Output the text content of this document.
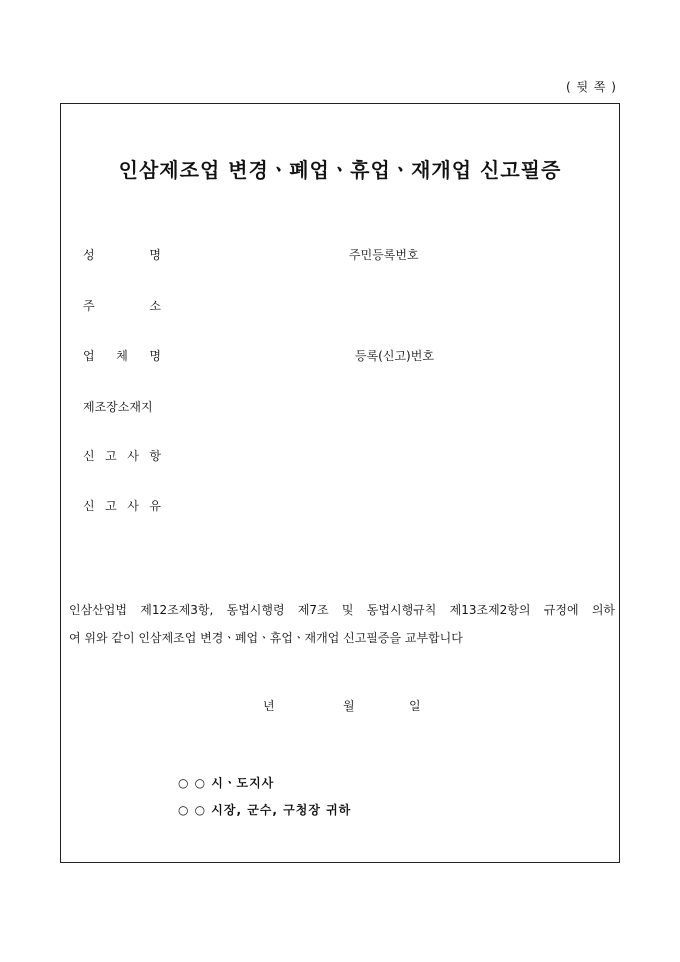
( 뒷 쪽 )
인삼제조업 변경ㆍ폐업ㆍ휴업ㆍ재개업 신고필증
성	명	주민등록번호
주	소
업 체 명	등록(신고)번호
제조장소재지
신 고 사 항
신 고 사 유
인삼산업법 제12조제3항, 동법시행령 제7조 및 동법시행규칙 제13조제2항의 규정에 의하
여 위와 같이 인삼제조업 변경ㆍ폐업ㆍ휴업ㆍ재개업 신고필증을 교부합니다
년	월	일
○ ○ 시ㆍ도지사
○ ○ 시장, 군수, 구청장 귀하
